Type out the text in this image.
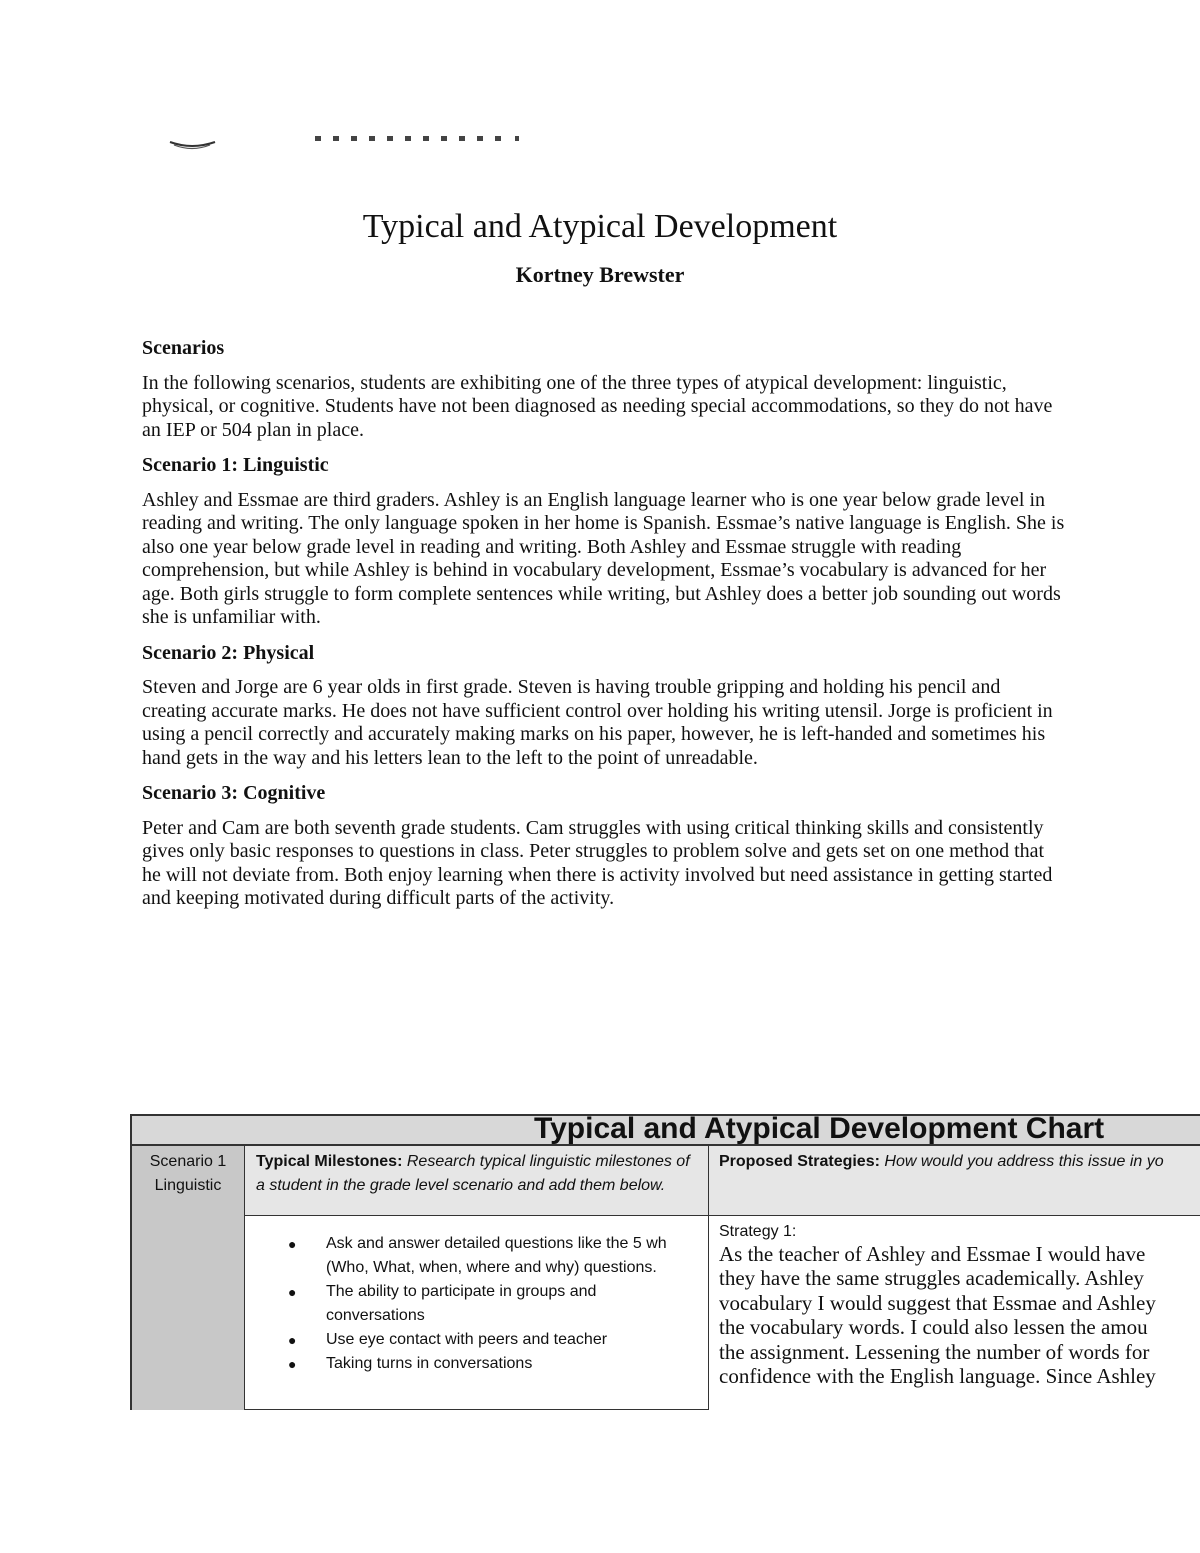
Typical and Atypical Development
Kortney Brewster
Scenarios

In the following scenarios, students are exhibiting one of the three types of atypical development: linguistic, physical, or cognitive. Students have not been diagnosed as needing special accommodations, so they do not have an IEP or 504 plan in place.

Scenario 1: Linguistic

Ashley and Essmae are third graders. Ashley is an English language learner who is one year below grade level in reading and writing. The only language spoken in her home is Spanish. Essmae’s native language is English. She is also one year below grade level in reading and writing. Both Ashley and Essmae struggle with reading comprehension, but while Ashley is behind in vocabulary development, Essmae’s vocabulary is advanced for her age. Both girls struggle to form complete sentences while writing, but Ashley does a better job sounding out words she is unfamiliar with.

Scenario 2: Physical

Steven and Jorge are 6 year olds in first grade. Steven is having trouble gripping and holding his pencil and creating accurate marks. He does not have sufficient control over holding his writing utensil. Jorge is proficient in using a pencil correctly and accurately making marks on his paper, however, he is left-handed and sometimes his hand gets in the way and his letters lean to the left to the point of unreadable.

Scenario 3: Cognitive

Peter and Cam are both seventh grade students. Cam struggles with using critical thinking skills and consistently gives only basic responses to questions in class. Peter struggles to problem solve and gets set on one method that he will not deviate from. Both enjoy learning when there is activity involved but need assistance in getting started and keeping motivated during difficult parts of the activity.

Typical and Atypical Development Chart
Scenario 1
Linguistic
Typical Milestones: Research typical linguistic milestones of a student in the grade level scenario and add them below.
Proposed Strategies: How would you address this issue in yo
● Ask and answer detailed questions like the 5 wh (Who, What, when, where and why) questions.
● The ability to participate in groups and conversations
● Use eye contact with peers and teacher
● Taking turns in conversations
Strategy 1:
As the teacher of Ashley and Essmae I would have
they have the same struggles academically. Ashley
vocabulary I would suggest that Essmae and Ashley
the vocabulary words. I could also lessen the amou
the assignment. Lessening the number of words for
confidence with the English language. Since Ashley
